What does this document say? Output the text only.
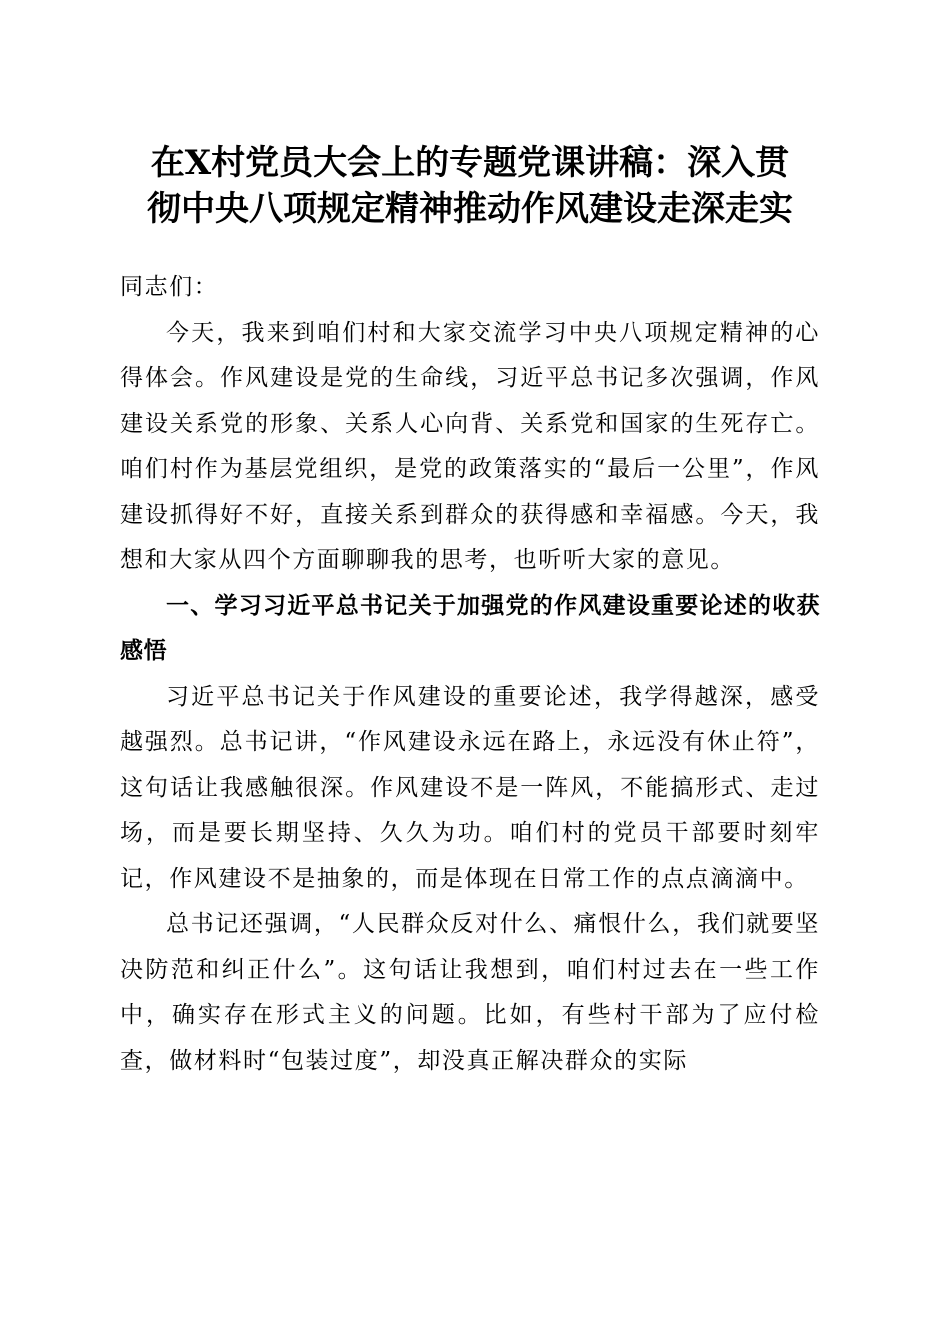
在X村党员大会上的专题党课讲稿：深入贯
彻中央八项规定精神推动作风建设走深走实

同志们：

今天，我来到咱们村和大家交流学习中央八项规定精神的心得体会。作风建设是党的生命线，习近平总书记多次强调，作风建设关系党的形象、关系人心向背、关系党和国家的生死存亡。咱们村作为基层党组织，是党的政策落实的“最后一公里”，作风建设抓得好不好，直接关系到群众的获得感和幸福感。今天，我想和大家从四个方面聊聊我的思考，也听听大家的意见。

一、学习习近平总书记关于加强党的作风建设重要论述的收获感悟

习近平总书记关于作风建设的重要论述，我学得越深，感受越强烈。总书记讲，“作风建设永远在路上，永远没有休止符”，这句话让我感触很深。作风建设不是一阵风，不能搞形式、走过场，而是要长期坚持、久久为功。咱们村的党员干部要时刻牢记，作风建设不是抽象的，而是体现在日常工作的点点滴滴中。

总书记还强调，“人民群众反对什么、痛恨什么，我们就要坚决防范和纠正什么”。这句话让我想到，咱们村过去在一些工作中，确实存在形式主义的问题。比如，有些村干部为了应付检查，做材料时“包装过度”，却没真正解决群众的实际
